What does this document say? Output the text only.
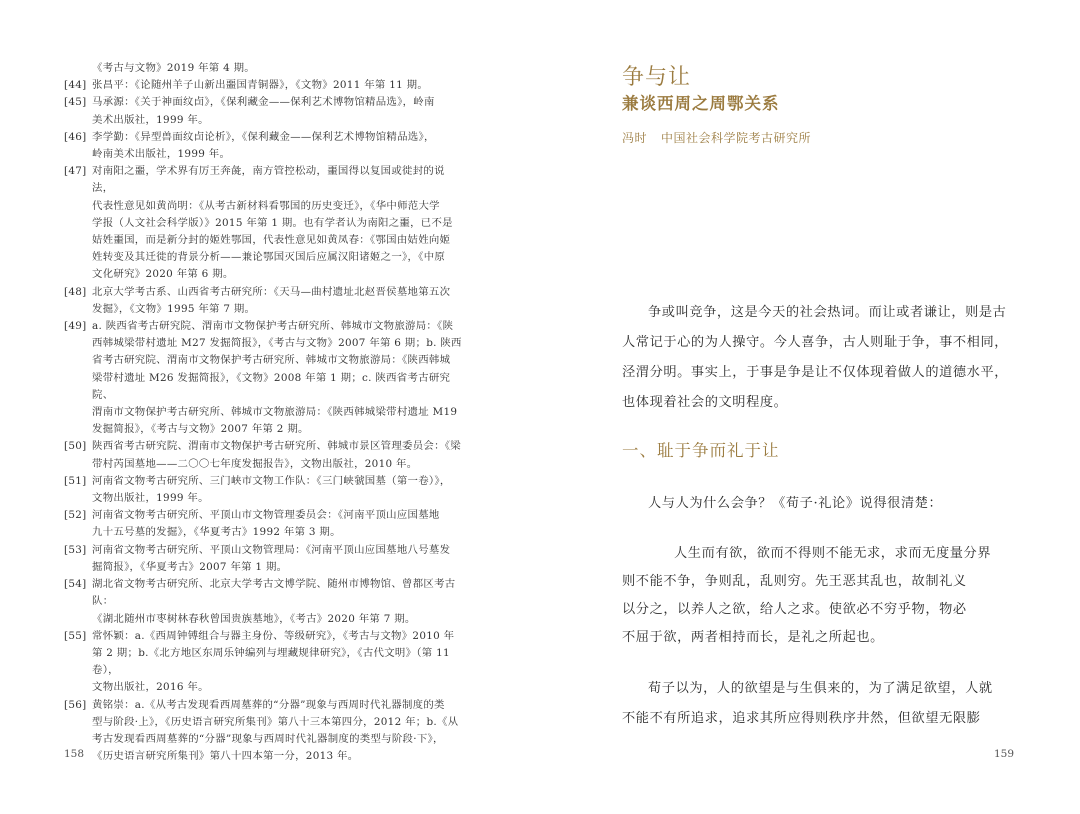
《考古与文物》2019 年第 4 期。
[44] 张昌平：《论随州羊子山新出噩国青铜器》，《文物》2011 年第 11 期。
[45] 马承源：《关于神面纹卣》，《保利藏金——保利艺术博物馆精品选》，岭南
美术出版社，1999 年。
[46] 李学勤：《异型兽面纹卣论析》，《保利藏金——保利艺术博物馆精品选》，
岭南美术出版社，1999 年。
[47] 对南阳之噩，学术界有厉王奔彘，南方管控松动，噩国得以复国或徙封的说法，
代表性意见如黄尚明：《从考古新材料看鄂国的历史变迁》，《华中师范大学
学报（人文社会科学版）》2015 年第 1 期。也有学者认为南阳之噩，已不是
姞姓噩国，而是新分封的姬姓鄂国，代表性意见如黄凤春：《鄂国由姞姓向姬
姓转变及其迁徙的背景分析——兼论鄂国灭国后应属汉阳诸姬之一》，《中原
文化研究》2020 年第 6 期。
[48] 北京大学考古系、山西省考古研究所：《天马—曲村遗址北赵晋侯墓地第五次
发掘》，《文物》1995 年第 7 期。
[49] a. 陕西省考古研究院、渭南市文物保护考古研究所、韩城市文物旅游局：《陕
西韩城梁带村遗址 M27 发掘简报》，《考古与文物》2007 年第 6 期；b. 陕西
省考古研究院、渭南市文物保护考古研究所、韩城市文物旅游局：《陕西韩城
梁带村遗址 M26 发掘简报》，《文物》2008 年第 1 期；c. 陕西省考古研究院、
渭南市文物保护考古研究所、韩城市文物旅游局：《陕西韩城梁带村遗址 M19
发掘简报》，《考古与文物》2007 年第 2 期。
[50] 陕西省考古研究院、渭南市文物保护考古研究所、韩城市景区管理委员会：《梁
带村芮国墓地——二〇〇七年度发掘报告》，文物出版社，2010 年。
[51] 河南省文物考古研究所、三门峡市文物工作队：《三门峡虢国墓（第一卷）》，
文物出版社，1999 年。
[52] 河南省文物考古研究所、平顶山市文物管理委员会：《河南平顶山应国墓地
九十五号墓的发掘》，《华夏考古》1992 年第 3 期。
[53] 河南省文物考古研究所、平顶山文物管理局：《河南平顶山应国墓地八号墓发
掘简报》，《华夏考古》2007 年第 1 期。
[54] 湖北省文物考古研究所、北京大学考古文博学院、随州市博物馆、曾都区考古队：
《湖北随州市枣树林春秋曾国贵族墓地》，《考古》2020 年第 7 期。
[55] 常怀颖：a.《西周钟镈组合与器主身份、等级研究》，《考古与文物》2010 年
第 2 期；b.《北方地区东周乐钟编列与埋藏规律研究》，《古代文明》（第 11 卷），
文物出版社，2016 年。
[56] 黄铭崇：a.《从考古发现看西周墓葬的“分器”现象与西周时代礼器制度的类
型与阶段·上》，《历史语言研究所集刊》第八十三本第四分，2012 年；b.《从
考古发现看西周墓葬的“分器”现象与西周时代礼器制度的类型与阶段·下》，
《历史语言研究所集刊》第八十四本第一分，2013 年。
158
争与让
兼谈西周之周鄂关系
冯时 中国社会科学院考古研究所

争或叫竞争，这是今天的社会热词。而让或者谦让，则是古
人常记于心的为人操守。今人喜争，古人则耻于争，事不相同，
泾渭分明。事实上，于事是争是让不仅体现着做人的道德水平，
也体现着社会的文明程度。

一、耻于争而礼于让

人与人为什么会争？《荀子·礼论》说得很清楚：

人生而有欲，欲而不得则不能无求，求而无度量分界
则不能不争，争则乱，乱则穷。先王恶其乱也，故制礼义
以分之，以养人之欲，给人之求。使欲必不穷乎物，物必
不屈于欲，两者相持而长，是礼之所起也。

荀子以为，人的欲望是与生俱来的，为了满足欲望，人就
不能不有所追求，追求其所应得则秩序井然，但欲望无限膨

159
